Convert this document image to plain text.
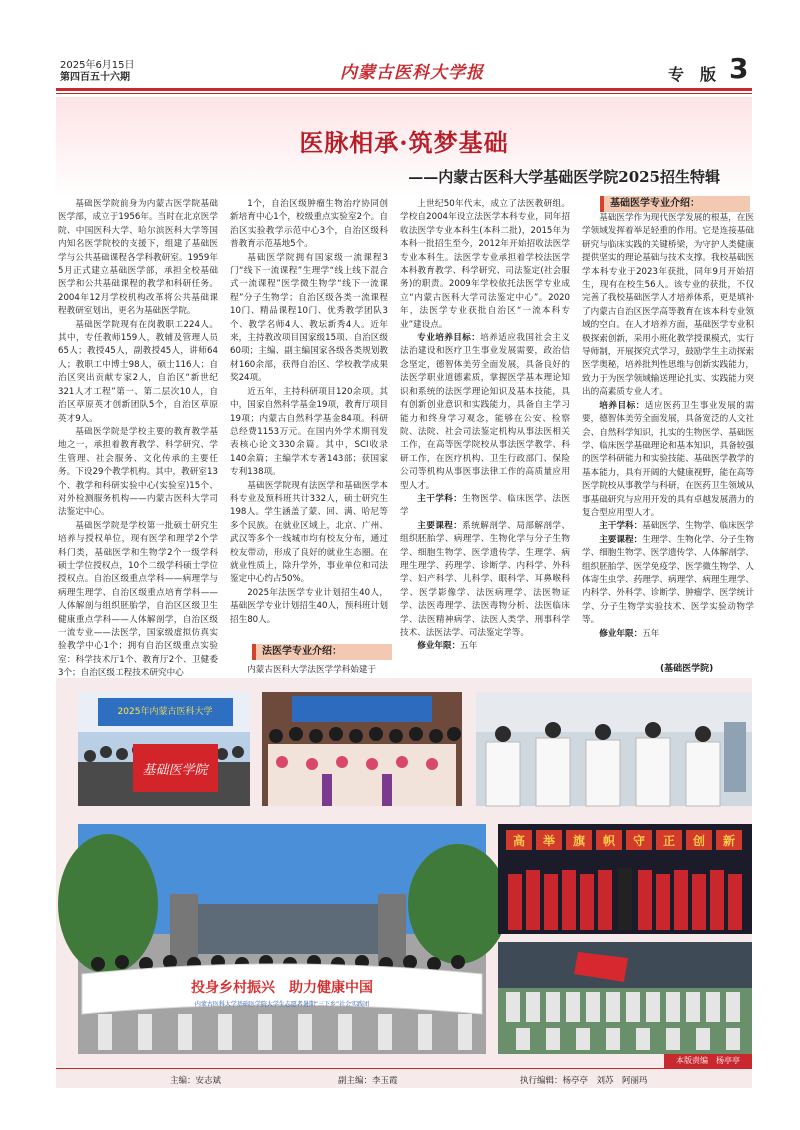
2025年6月15日
第四百五十六期	内蒙古医科大学报	专　版 3
医脉相承·筑梦基础
——内蒙古医科大学基础医学院2025招生特辑

基础医学院前身为内蒙古医学院基础医学部，成立于1956年。当时在北京医学院、中国医科大学、哈尔滨医科大学等国内知名医学院校的支援下，组建了基础医学与公共基础课程各学科教研室。1959年5月正式建立基础医学部，承担全校基础医学和公共基础课程的教学和科研任务。2004年12月学校机构改革将公共基础课程教研室划出，更名为基础医学院。

基础医学院现有在岗教职工224人。其中，专任教师159人，教辅及管理人员65人；教授45人，副教授45人，讲师64人；教职工中博士98人，硕士116人；自治区突出贡献专家2人，自治区“新世纪321人才工程”第一、第二层次10人，自治区草原英才创新团队5个，自治区草原英才9人。

基础医学院是学校主要的教育教学基地之一，承担着教育教学、科学研究、学生管理、社会服务、文化传承的主要任务。下设29个教学机构。其中，教研室13个、教学和科研实验中心(实验室)15个、对外检测服务机构——内蒙古医科大学司法鉴定中心。

基础医学院是学校第一批硕士研究生培养与授权单位，现有医学和理学2个学科门类，基础医学和生物学2个一级学科硕士学位授权点，10个二级学科硕士学位授权点。自治区级重点学科——病理学与病理生理学、自治区级重点培育学科——人体解剖与组织胚胎学，自治区区级卫生健康重点学科——人体解剖学，自治区级一流专业——法医学，国家级虚拟仿真实验教学中心1个；拥有自治区级重点实验室：科学技术厅1个、教育厅2个、卫健委3个；自治区级工程技术研究中心

1个，自治区级肿瘤生物治疗协同创新培育中心1个，校级重点实验室2个。自治区实验教学示范中心3个，自治区级科普教育示范基地5个。

基础医学院拥有国家级一流课程3门“线下一流课程”生理学“线上线下混合式一流课程”医学微生物学“线下一流课程”分子生物学；自治区级各类一流课程10门、精品课程10门、优秀教学团队3个、教学名师4人、教坛新秀4人。近年来，主持教改项目国家级15项、自治区级60项；主编、副主编国家各级各类规划教材160余部，获得自治区、学校教学成果奖24项。

近五年，主持科研项目120余项。其中，国家自然科学基金19项，教育厅项目19项；内蒙古自然科学基金84项。科研总经费1153万元。在国内外学术期刊发表核心论文330余篇。其中，SCI收录140余篇；主编学术专著143部；获国家专利138项。

基础医学院现有法医学和基础医学本科专业及预科班共计332人，硕士研究生198人。学生涵盖了蒙、回、满、哈尼等多个民族。在就业区域上，北京、广州、武汉等多个一线城市均有校友分布，通过校友带动，形成了良好的就业生态圈。在就业性质上，除升学外，事业单位和司法鉴定中心约占50%。

2025年法医学专业计划招生40人，基础医学专业计划招生40人，预科班计划招生80人。

法医学专业介绍：

内蒙古医科大学法医学学科始建于

上世纪50年代末，成立了法医教研组。学校自2004年设立法医学本科专业，同年招收法医学专业本科生(本科二批)，2015年为本科一批招生至今，2012年开始招收法医学专业本科生。法医学专业承担着学校法医学本科教育教学、科学研究、司法鉴定(社会服务)的职责。2009年学校依托法医学专业成立“内蒙古医科大学司法鉴定中心”。2020年，法医学专业获批自治区“一流本科专业”建设点。

专业培养目标：培养适应我国社会主义法治建设和医疗卫生事业发展需要，政治信念坚定，德智体美劳全面发展，具备良好的法医学职业道德素质，掌握医学基本理论知识和系统的法医学理论知识及基本技能，具有创新创业意识和实践能力，具备自主学习能力和终身学习观念，能够在公安、检察院、法院、社会司法鉴定机构从事法医相关工作，在高等医学院校从事法医学教学、科研工作，在医疗机构、卫生行政部门、保险公司等机构从事医事法律工作的高质量应用型人才。

主干学科：生物医学、临床医学、法医学

主要课程：系统解剖学、局部解剖学、组织胚胎学、病理学、生物化学与分子生物学、细胞生物学、医学遗传学、生理学、病理生理学、药理学、诊断学、内科学、外科学、妇产科学、儿科学、眼科学、耳鼻喉科学、医学影像学、法医病理学、法医物证学、法医毒理学、法医毒物分析、法医临床学、法医精神病学、法医人类学、刑事科学技术、法医法学、司法鉴定学等。

修业年限：五年

基础医学专业介绍：

基础医学作为现代医学发展的根基，在医学领域发挥着举足轻重的作用。它是连接基础研究与临床实践的关键桥梁，为守护人类健康提供坚实的理论基础与技术支撑。我校基础医学本科专业于2023年获批，同年9月开始招生，现有在校生56人。该专业的获批，不仅完善了我校基础医学人才培养体系，更是填补了内蒙古自治区医学高等教育在该本科专业领域的空白。在人才培养方面，基础医学专业积极探索创新，采用小班化教学授课模式，实行导师制，开展探究式学习，鼓励学生主动探索医学奥秘，培养批判性思维与创新实践能力，致力于为医学领域输送理论扎实、实践能力突出的高素质专业人才。

培养目标：适应医药卫生事业发展的需要，德智体美劳全面发展，具备宽泛的人文社会、自然科学知识，扎实的生物医学、基础医学、临床医学基础理论和基本知识，具备较强的医学科研能力和实验技能、基础医学教学的基本能力，具有开阔的大健康视野，能在高等医学院校从事教学与科研，在医药卫生领域从事基础研究与应用开发的具有卓越发展潜力的复合型应用型人才。

主干学科：基础医学、生物学、临床医学

主要课程：生理学、生物化学、分子生物学、细胞生物学、医学遗传学、人体解剖学、组织胚胎学、医学免疫学、医学微生物学、人体寄生虫学、药理学、病理学、病理生理学、内科学、外科学、诊断学、肿瘤学、医学统计学、分子生物学实验技术、医学实验动物学等。

修业年限：五年

(基础医学院)
2025年内蒙古医科大学
基础医学院
投身乡村振兴　助力健康中国
内蒙古医科大学基础医学院大学生志愿者暑期“三下乡”社会实践团
高 举 旗 帜 守 正 创 新
本版责编　杨亭亭
主编：安志斌	副主编：李玉霞	执行编辑：杨亭亭　刘苏　阿丽玛
